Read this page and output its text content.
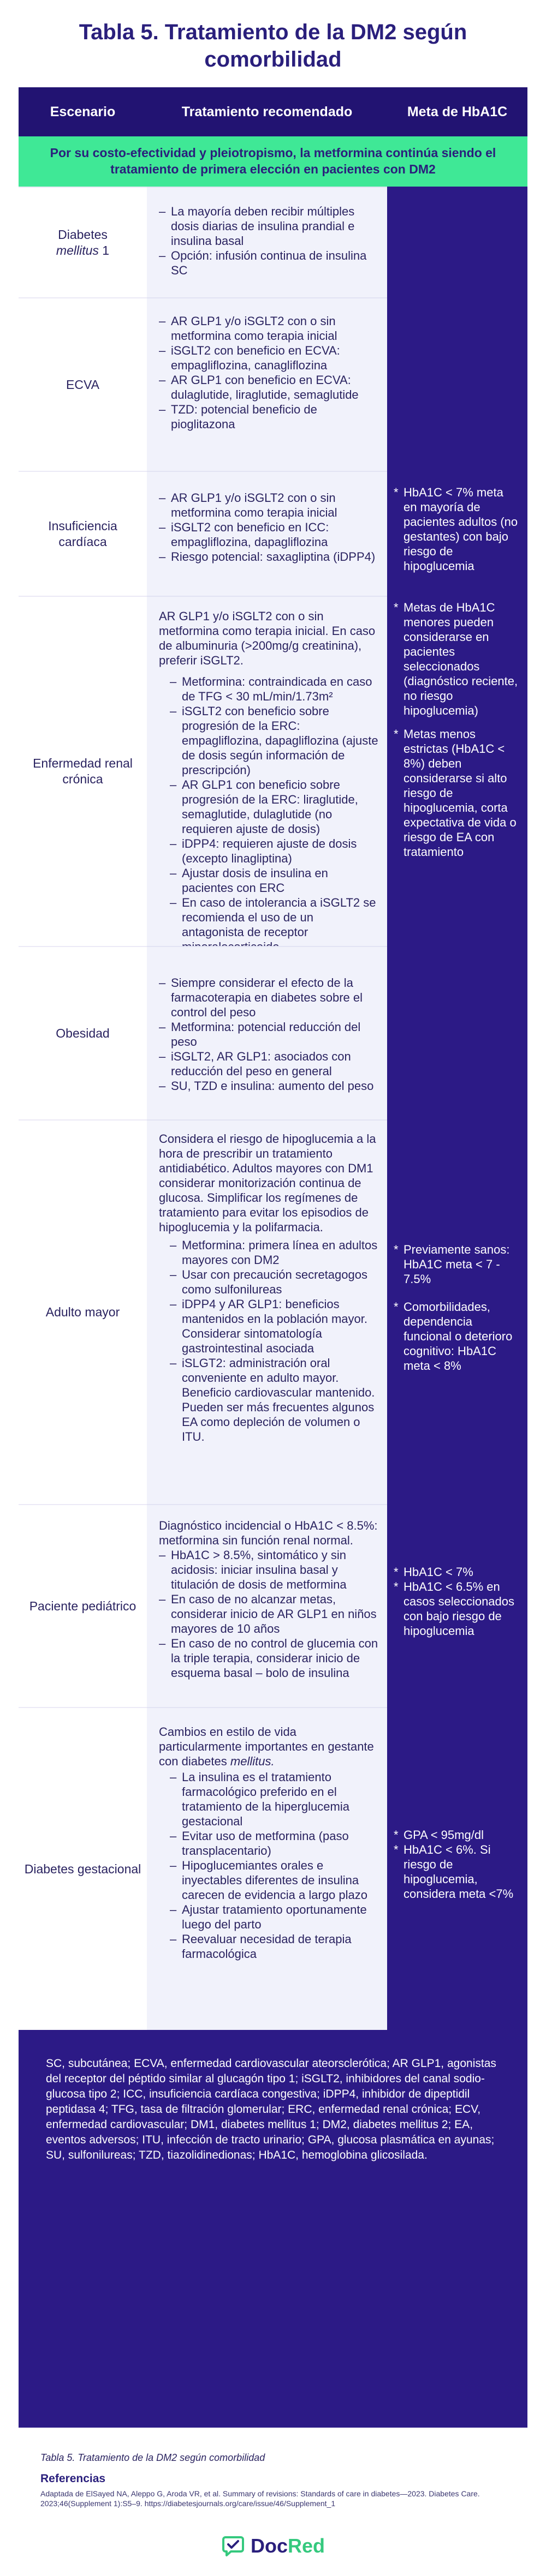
Tabla 5. Tratamiento de la DM2 según comorbilidad
Escenario	Tratamiento recomendado	Meta de HbA1C
Por su costo-efectividad y pleiotropismo, la metformina continúa siendo el tratamiento de primera elección en pacientes con DM2
Diabetes
mellitus 1
– La mayoría deben recibir múltiples dosis diarias de insulina prandial e insulina basal
– Opción: infusión continua de insulina SC
ECVA
– AR GLP1 y/o iSGLT2 con o sin metformina como terapia inicial
– iSGLT2 con beneficio en ECVA: empagliflozina, canagliflozina
– AR GLP1 con beneficio en ECVA: dulaglutide, liraglutide, semaglutide
– TZD: potencial beneficio de pioglitazona
Insuficiencia cardíaca
– AR GLP1 y/o iSGLT2 con o sin metformina como terapia inicial
– iSGLT2 con beneficio en ICC: empagliflozina, dapagliflozina
– Riesgo potencial: saxagliptina (iDPP4)
* HbA1C < 7% meta en mayoría de pacientes adultos (no gestantes) con bajo riesgo de hipoglucemia
Enfermedad renal crónica

AR GLP1 y/o iSGLT2 con o sin metformina como terapia inicial. En caso de albuminuria (>200mg/g creatinina), preferir iSGLT2.

– Metformina: contraindicada en caso de TFG < 30 mL/min/1.73m²
– iSGLT2 con beneficio sobre progresión de la ERC: empagliflozina, dapagliflozina (ajuste de dosis según información de prescripción)
– AR GLP1 con beneficio sobre progresión de la ERC: liraglutide, semaglutide, dulaglutide (no requieren ajuste de dosis)
– iDPP4: requieren ajuste de dosis (excepto linagliptina)
– Ajustar dosis de insulina en pacientes con ERC
– En caso de intolerancia a iSGLT2 se recomienda el uso de un antagonista de receptor
* Metas de HbA1C menores pueden considerarse en pacientes seleccionados (diagnóstico reciente, no riesgo hipoglucemia)
* Metas menos estrictas (HbA1C < 8%) deben considerarse si alto riesgo de hipoglucemia, corta expectativa de vida o riesgo de EA con tratamiento
Obesidad
– Siempre considerar el efecto de la farmacoterapia en diabetes sobre el control del peso
– Metformina: potencial reducción del peso
– iSGLT2, AR GLP1: asociados con reducción del peso en general
– SU, TZD e insulina: aumento del peso
Adulto mayor

Considera el riesgo de hipoglucemia a la hora de prescribir un tratamiento antidiabético. Adultos mayores con DM1 considerar monitorización continua de glucosa. Simplificar los regímenes de tratamiento para evitar los episodios de hipoglucemia y la polifarmacia.

– Metformina: primera línea en adultos mayores con DM2
– Usar con precaución secretagogos como sulfonilureas
– iDPP4 y AR GLP1: beneficios mantenidos en la población mayor. Considerar sintomatología gastrointestinal asociada
– iSLGT2: administración oral conveniente en adulto mayor. Beneficio cardiovascular mantenido. Pueden ser más frecuentes algunos EA como depleción de volumen o ITU.
* Previamente sanos: HbA1C meta < 7 - 7.5%
* Comorbilidades, dependencia funcional o deterioro cognitivo: HbA1C meta < 8%
Paciente pediátrico

Diagnóstico incidencial o HbA1C < 8.5%: metformina sin función renal normal.

– HbA1C > 8.5%, sintomático y sin acidosis: iniciar insulina basal y titulación de dosis de metformina
– En caso de no alcanzar metas, considerar inicio de AR GLP1 en niños mayores de 10 años
– En caso de no control de glucemia con la triple terapia, considerar inicio de esquema basal – bolo de insulina
* HbA1C < 7%
* HbA1C < 6.5% en casos seleccionados con bajo riesgo de hipoglucemia
Diabetes gestacional

Cambios en estilo de vida particularmente importantes en gestante con diabetes mellitus.

– La insulina es el tratamiento farmacológico preferido en el tratamiento de la hiperglucemia gestacional
– Evitar uso de metformina (paso transplacentario)
– Hipoglucemiantes orales e inyectables diferentes de insulina carecen de evidencia a largo plazo
– Ajustar tratamiento oportunamente luego del parto
– Reevaluar necesidad de terapia farmacológica
* GPA < 95mg/dl
* HbA1C < 6%. Si riesgo de hipoglucemia, considera meta <7%
SC, subcutánea; ECVA, enfermedad cardiovascular ateorsclerótica; AR GLP1, agonistas del receptor del péptido similar al glucagón tipo 1; iSGLT2, inhibidores del canal sodio-glucosa tipo 2; ICC, insuficiencia cardíaca congestiva; iDPP4, inhibidor de dipeptidil peptidasa 4; TFG, tasa de filtración glomerular; ERC, enfermedad renal crónica; ECV, enfermedad cardiovascular; DM1, diabetes mellitus 1; DM2, diabetes mellitus 2; EA, eventos adversos; ITU, infección de tracto urinario; GPA, glucosa plasmática en ayunas; SU, sulfonilureas; TZD, tiazolidinedionas; HbA1C, hemoglobina glicosilada.
Tabla 5. Tratamiento de la DM2 según comorbilidad
Referencias
Adaptada de ElSayed NA, Aleppo G, Aroda VR, et al. Summary of revisions: Standards of care in diabetes—2023. Diabetes Care. 2023;46(Supplement 1):S5–9. https://diabetesjournals.org/care/issue/46/Supplement_1
DocRed
